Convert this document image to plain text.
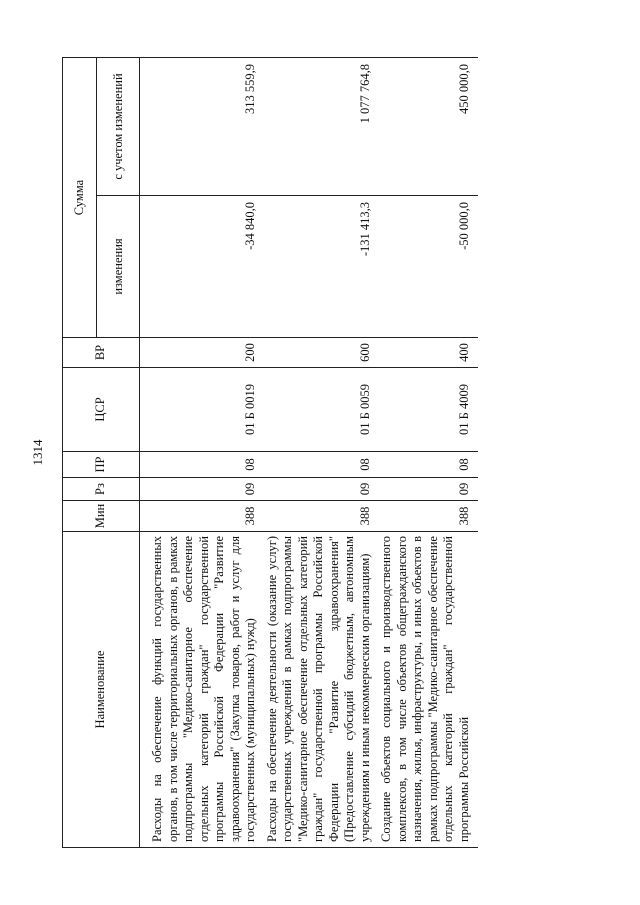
1314
Наименование	Мин	Рз	ПР	ЦСР	ВР	Сумма	
						изменения	с учетом изменений
Расходы на обеспечение функций государственных органов, в том числе территориальных органов, в рамках подпрограммы "Медико-санитарное обеспечение отдельных категорий граждан" государственной программы Российской Федерации "Развитие здравоохранения" (Закупка товаров, работ и услуг для государственных (муниципальных) нужд)	388	09	08	01 Б 0019	200	-34 840,0	313 559,9
Расходы на обеспечение деятельности (оказание услуг) государственных учреждений в рамках подпрограммы "Медико-санитарное обеспечение отдельных категорий граждан" государственной программы Российской Федерации "Развитие здравоохранения" (Предоставление субсидий бюджетным, автономным учреждениям и иным некоммерческим организациям)	388	09	08	01 Б 0059	600	-131 413,3	1 077 764,8
Создание объектов социального и производственного комплексов, в том числе объектов общегражданского назначения, жилья, инфраструктуры, и иных объектов в рамках подпрограммы "Медико-санитарное обеспечение отдельных категорий граждан" государственной программы Российской	388	09	08	01 Б 4009	400	-50 000,0	450 000,0
